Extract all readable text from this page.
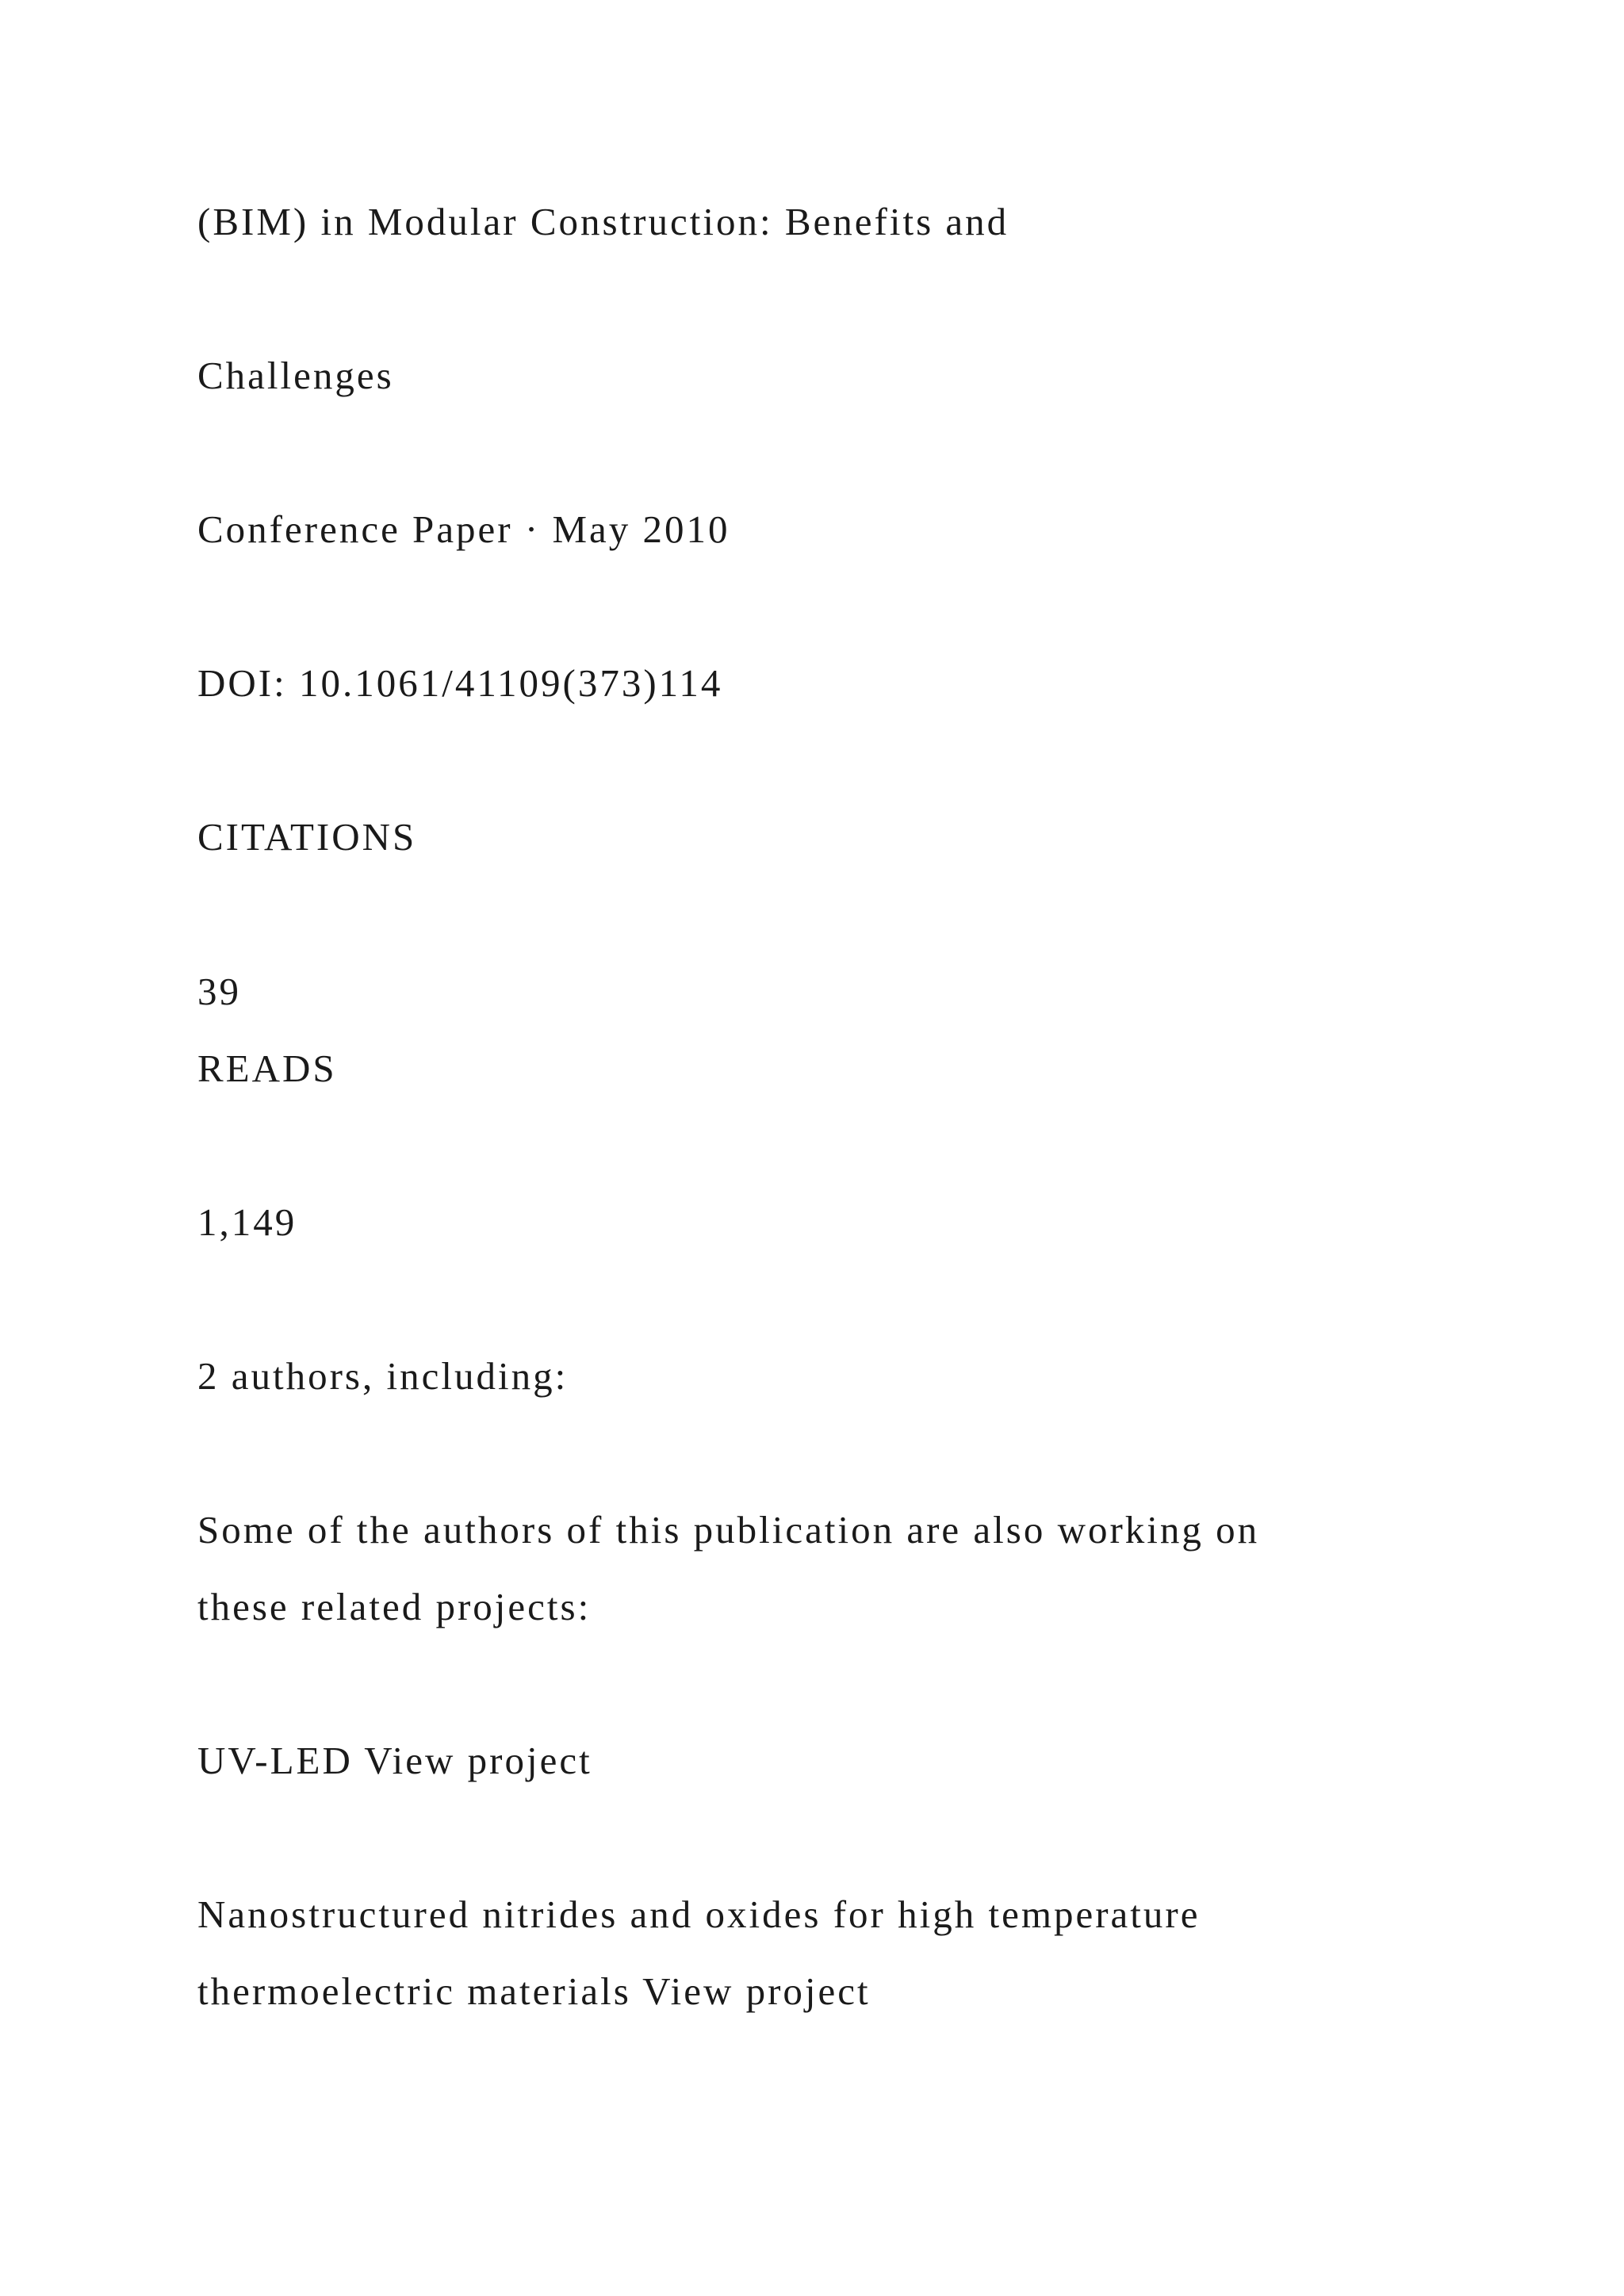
(BIM) in Modular Construction: Benefits and

Challenges

Conference Paper · May 2010

DOI: 10.1061/41109(373)114

CITATIONS

39

READS

1,149

2 authors, including:

Some of the authors of this publication are also working on

these related projects:

UV-LED View project

Nanostructured nitrides and oxides for high temperature

thermoelectric materials View project
